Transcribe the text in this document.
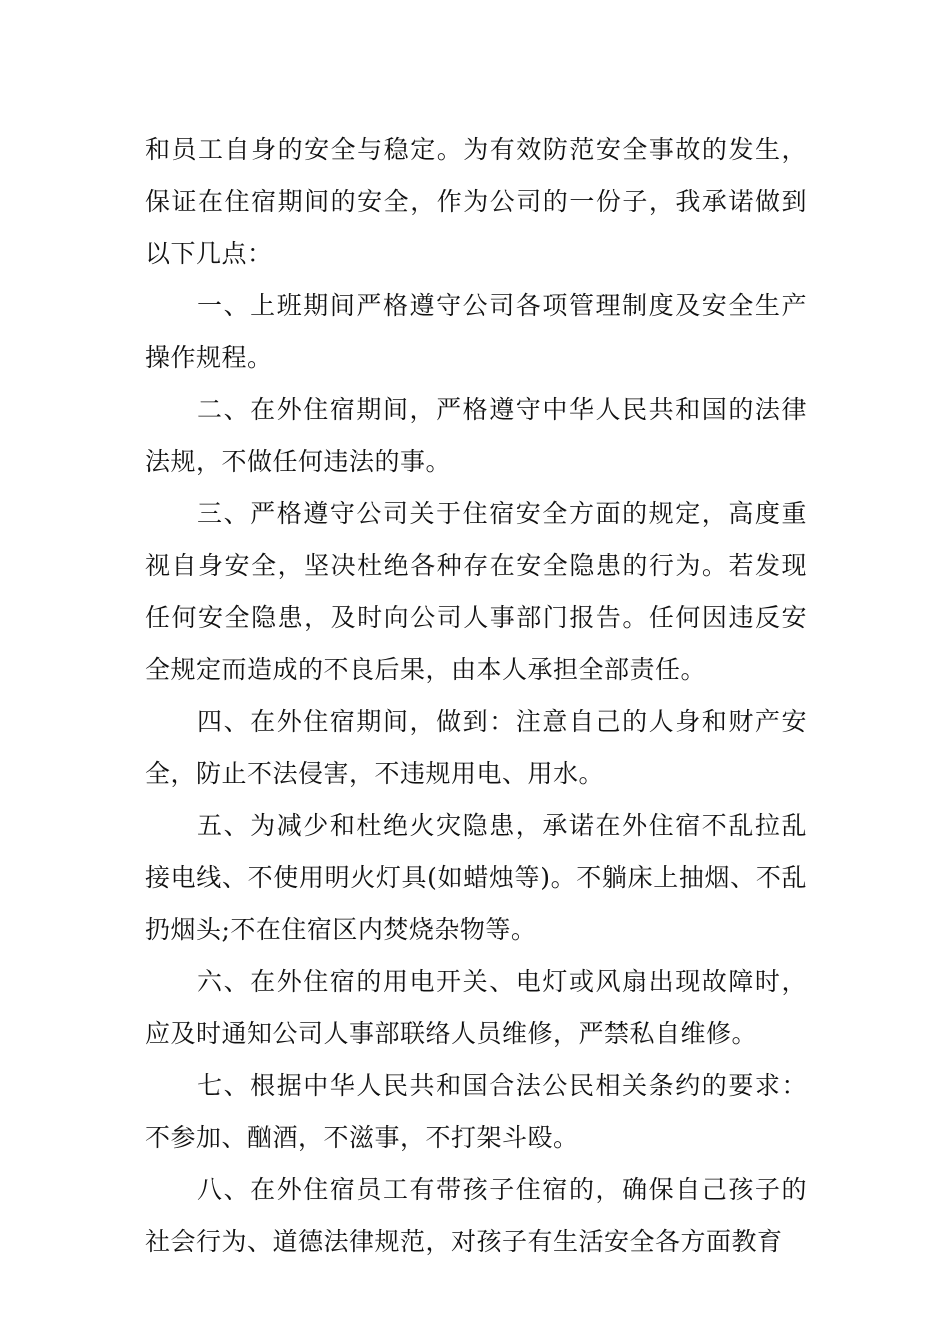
和员工自身的安全与稳定。为有效防范安全事故的发生，保证在住宿期间的安全，作为公司的一份子，我承诺做到以下几点：

一、上班期间严格遵守公司各项管理制度及安全生产操作规程。

二、在外住宿期间，严格遵守中华人民共和国的法律法规，不做任何违法的事。

三、严格遵守公司关于住宿安全方面的规定，高度重视自身安全，坚决杜绝各种存在安全隐患的行为。若发现任何安全隐患，及时向公司人事部门报告。任何因违反安全规定而造成的不良后果，由本人承担全部责任。

四、在外住宿期间，做到：注意自己的人身和财产安全，防止不法侵害，不违规用电、用水。

五、为减少和杜绝火灾隐患，承诺在外住宿不乱拉乱接电线、不使用明火灯具(如蜡烛等)。不躺床上抽烟、不乱扔烟头;不在住宿区内焚烧杂物等。

六、在外住宿的用电开关、电灯或风扇出现故障时，应及时通知公司人事部联络人员维修，严禁私自维修。

七、根据中华人民共和国合法公民相关条约的要求：不参加、酗酒，不滋事，不打架斗殴。

八、在外住宿员工有带孩子住宿的，确保自己孩子的社会行为、道德法律规范，对孩子有生活安全各方面教育
